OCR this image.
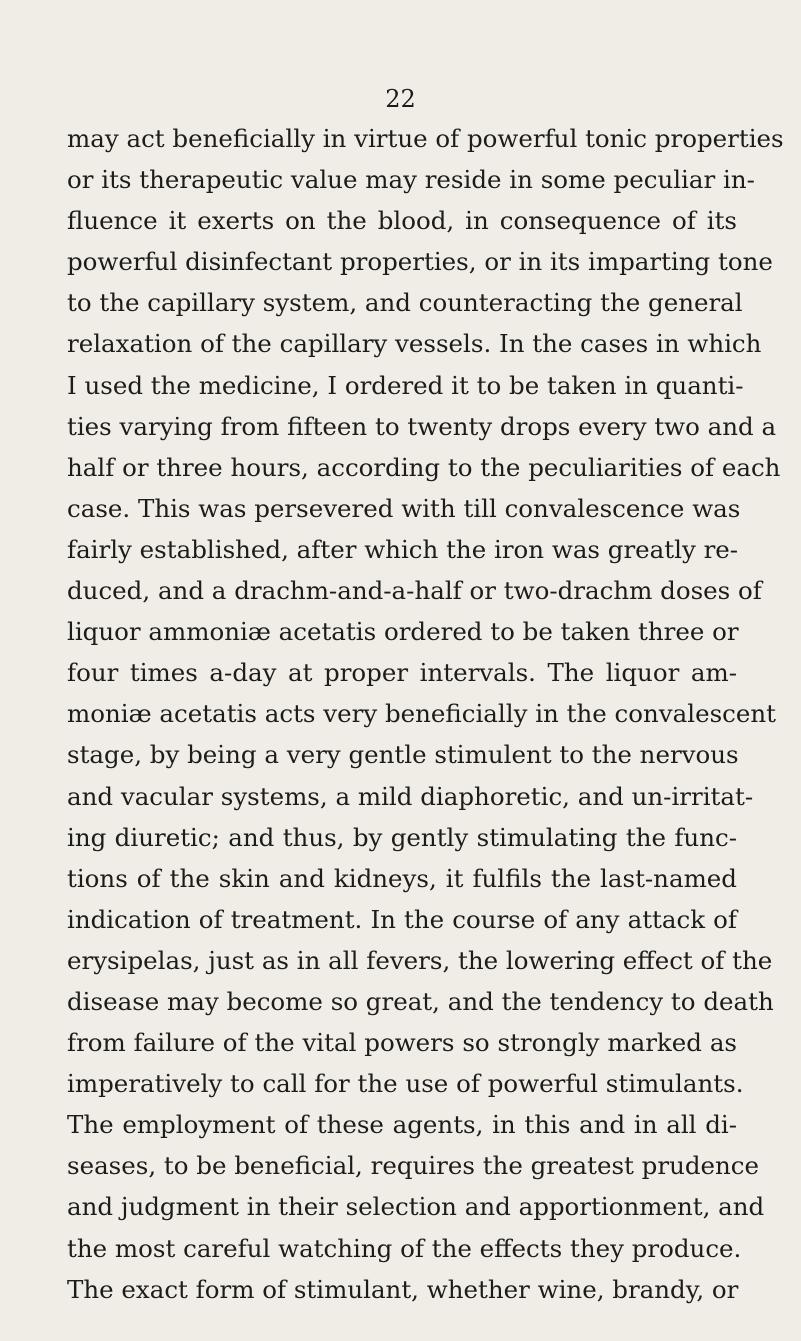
22
may act beneficially in virtue of powerful tonic properties
or its therapeutic value may reside in some peculiar in-
fluence it exerts on the blood, in consequence of its
powerful disinfectant properties, or in its imparting tone
to the capillary system, and counteracting the general
relaxation of the capillary vessels. In the cases in which
I used the medicine, I ordered it to be taken in quanti-
ties varying from fifteen to twenty drops every two and a
half or three hours, according to the peculiarities of each
case. This was persevered with till convalescence was
fairly established, after which the iron was greatly re-
duced, and a drachm-and-a-half or two-drachm doses of
liquor ammoniæ acetatis ordered to be taken three or
four times a-day at proper intervals. The liquor am-
moniæ acetatis acts very beneficially in the convalescent
stage, by being a very gentle stimulent to the nervous
and vacular systems, a mild diaphoretic, and un-irritat-
ing diuretic; and thus, by gently stimulating the func-
tions of the skin and kidneys, it fulfils the last-named
indication of treatment. In the course of any attack of
erysipelas, just as in all fevers, the lowering effect of the
disease may become so great, and the tendency to death
from failure of the vital powers so strongly marked as
imperatively to call for the use of powerful stimulants.
The employment of these agents, in this and in all di-
seases, to be beneficial, requires the greatest prudence
and judgment in their selection and apportionment, and
the most careful watching of the effects they produce.
The exact form of stimulant, whether wine, brandy, or
